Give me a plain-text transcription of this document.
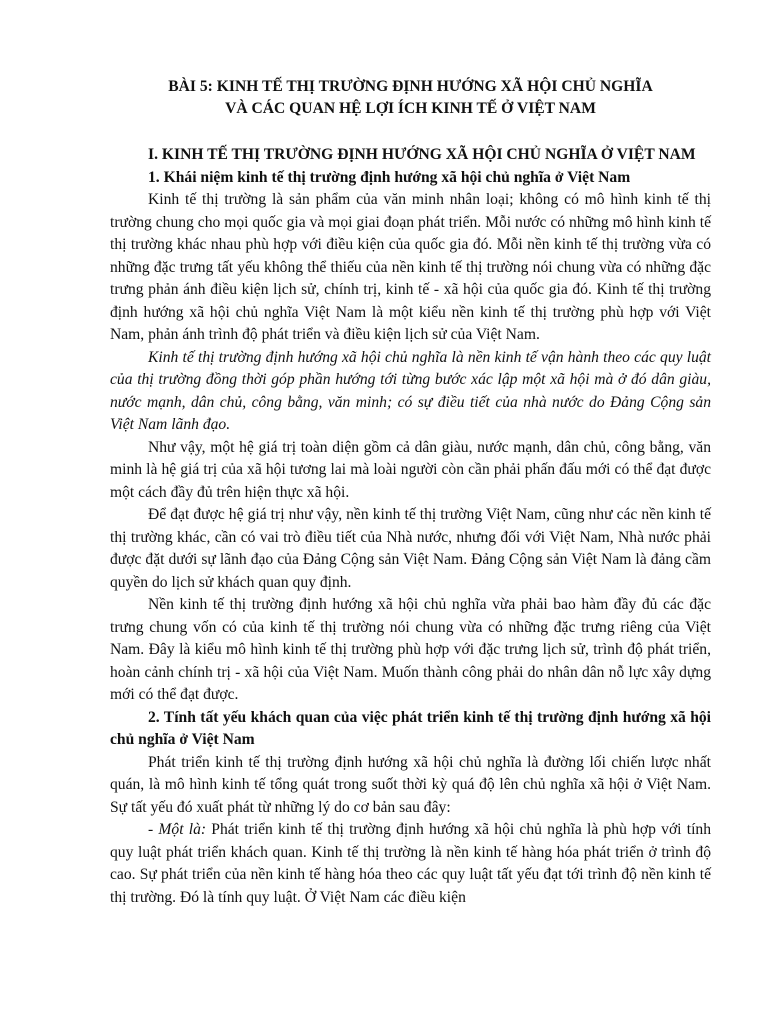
BÀI 5: KINH TẾ THỊ TRƯỜNG ĐỊNH HƯỚNG XÃ HỘI CHỦ NGHĨA
VÀ CÁC QUAN HỆ LỢI ÍCH KINH TẾ Ở VIỆT NAM

I. KINH TẾ THỊ TRƯỜNG ĐỊNH HƯỚNG XÃ HỘI CHỦ NGHĨA Ở VIỆT NAM

1. Khái niệm kinh tế thị trường định hướng xã hội chủ nghĩa ở Việt Nam

Kinh tế thị trường là sản phẩm của văn minh nhân loại; không có mô hình kinh tế thị trường chung cho mọi quốc gia và mọi giai đoạn phát triển. Mỗi nước có những mô hình kinh tế thị trường khác nhau phù hợp với điều kiện của quốc gia đó. Mỗi nền kinh tế thị trường vừa có những đặc trưng tất yếu không thể thiếu của nền kinh tế thị trường nói chung vừa có những đặc trưng phản ánh điều kiện lịch sử, chính trị, kinh tế - xã hội của quốc gia đó. Kinh tế thị trường định hướng xã hội chủ nghĩa Việt Nam là một kiểu nền kinh tế thị trường phù hợp với Việt Nam, phản ánh trình độ phát triển và điều kiện lịch sử của Việt Nam.

Kinh tế thị trường định hướng xã hội chủ nghĩa là nền kinh tế vận hành theo các quy luật của thị trường đồng thời góp phần hướng tới từng bước xác lập một xã hội mà ở đó dân giàu, nước mạnh, dân chủ, công bằng, văn minh; có sự điều tiết của nhà nước do Đảng Cộng sản Việt Nam lãnh đạo.

Như vậy, một hệ giá trị toàn diện gồm cả dân giàu, nước mạnh, dân chủ, công bằng, văn minh là hệ giá trị của xã hội tương lai mà loài người còn cần phải phấn đấu mới có thể đạt được một cách đầy đủ trên hiện thực xã hội.

Để đạt được hệ giá trị như vậy, nền kinh tế thị trường Việt Nam, cũng như các nền kinh tế thị trường khác, cần có vai trò điều tiết của Nhà nước, nhưng đối với Việt Nam, Nhà nước phải được đặt dưới sự lãnh đạo của Đảng Cộng sản Việt Nam. Đảng Cộng sản Việt Nam là đảng cầm quyền do lịch sử khách quan quy định.

Nền kinh tế thị trường định hướng xã hội chủ nghĩa vừa phải bao hàm đầy đủ các đặc trưng chung vốn có của kinh tế thị trường nói chung vừa có những đặc trưng riêng của Việt Nam. Đây là kiểu mô hình kinh tế thị trường phù hợp với đặc trưng lịch sử, trình độ phát triển, hoàn cảnh chính trị - xã hội của Việt Nam. Muốn thành công phải do nhân dân nỗ lực xây dựng mới có thể đạt được.

2. Tính tất yếu khách quan của việc phát triển kinh tế thị trường định hướng xã hội chủ nghĩa ở Việt Nam

Phát triển kinh tế thị trường định hướng xã hội chủ nghĩa là đường lối chiến lược nhất quán, là mô hình kinh tế tổng quát trong suốt thời kỳ quá độ lên chủ nghĩa xã hội ở Việt Nam. Sự tất yếu đó xuất phát từ những lý do cơ bản sau đây:

- Một là: Phát triển kinh tế thị trường định hướng xã hội chủ nghĩa là phù hợp với tính quy luật phát triển khách quan. Kinh tế thị trường là nền kinh tế hàng hóa phát triển ở trình độ cao. Sự phát triển của nền kinh tế hàng hóa theo các quy luật tất yếu đạt tới trình độ nền kinh tế thị trường. Đó là tính quy luật. Ở Việt Nam các điều kiện
